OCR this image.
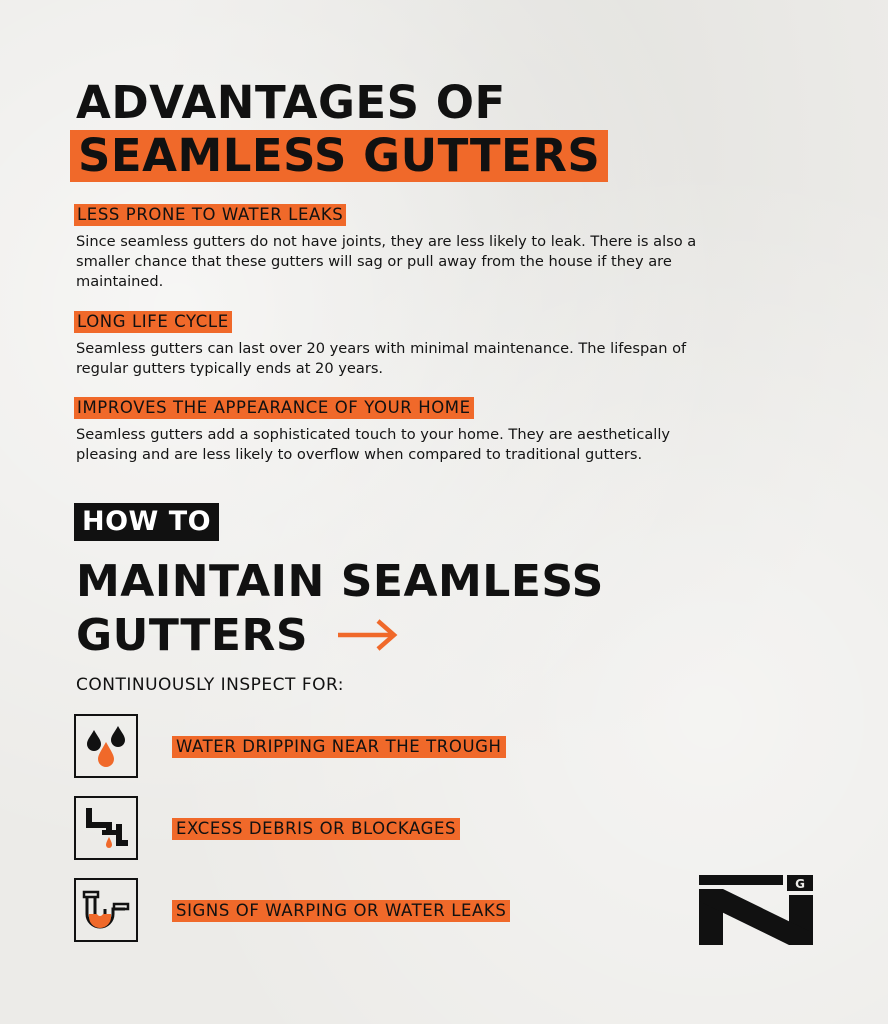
ADVANTAGES OF
SEAMLESS GUTTERS
LESS PRONE TO WATER LEAKS
Since seamless gutters do not have joints, they are less likely to leak. There is also a smaller chance that these gutters will sag or pull away from the house if they are maintained.
LONG LIFE CYCLE
Seamless gutters can last over 20 years with minimal maintenance. The lifespan of regular gutters typically ends at 20 years.
IMPROVES THE APPEARANCE OF YOUR HOME
Seamless gutters add a sophisticated touch to your home. They are aesthetically pleasing and are less likely to overflow when compared to traditional gutters.
HOW TO
MAINTAIN SEAMLESS
GUTTERS
CONTINUOUSLY INSPECT FOR:
WATER DRIPPING NEAR THE TROUGH
EXCESS DEBRIS OR BLOCKAGES
SIGNS OF WARPING OR WATER LEAKS
G
